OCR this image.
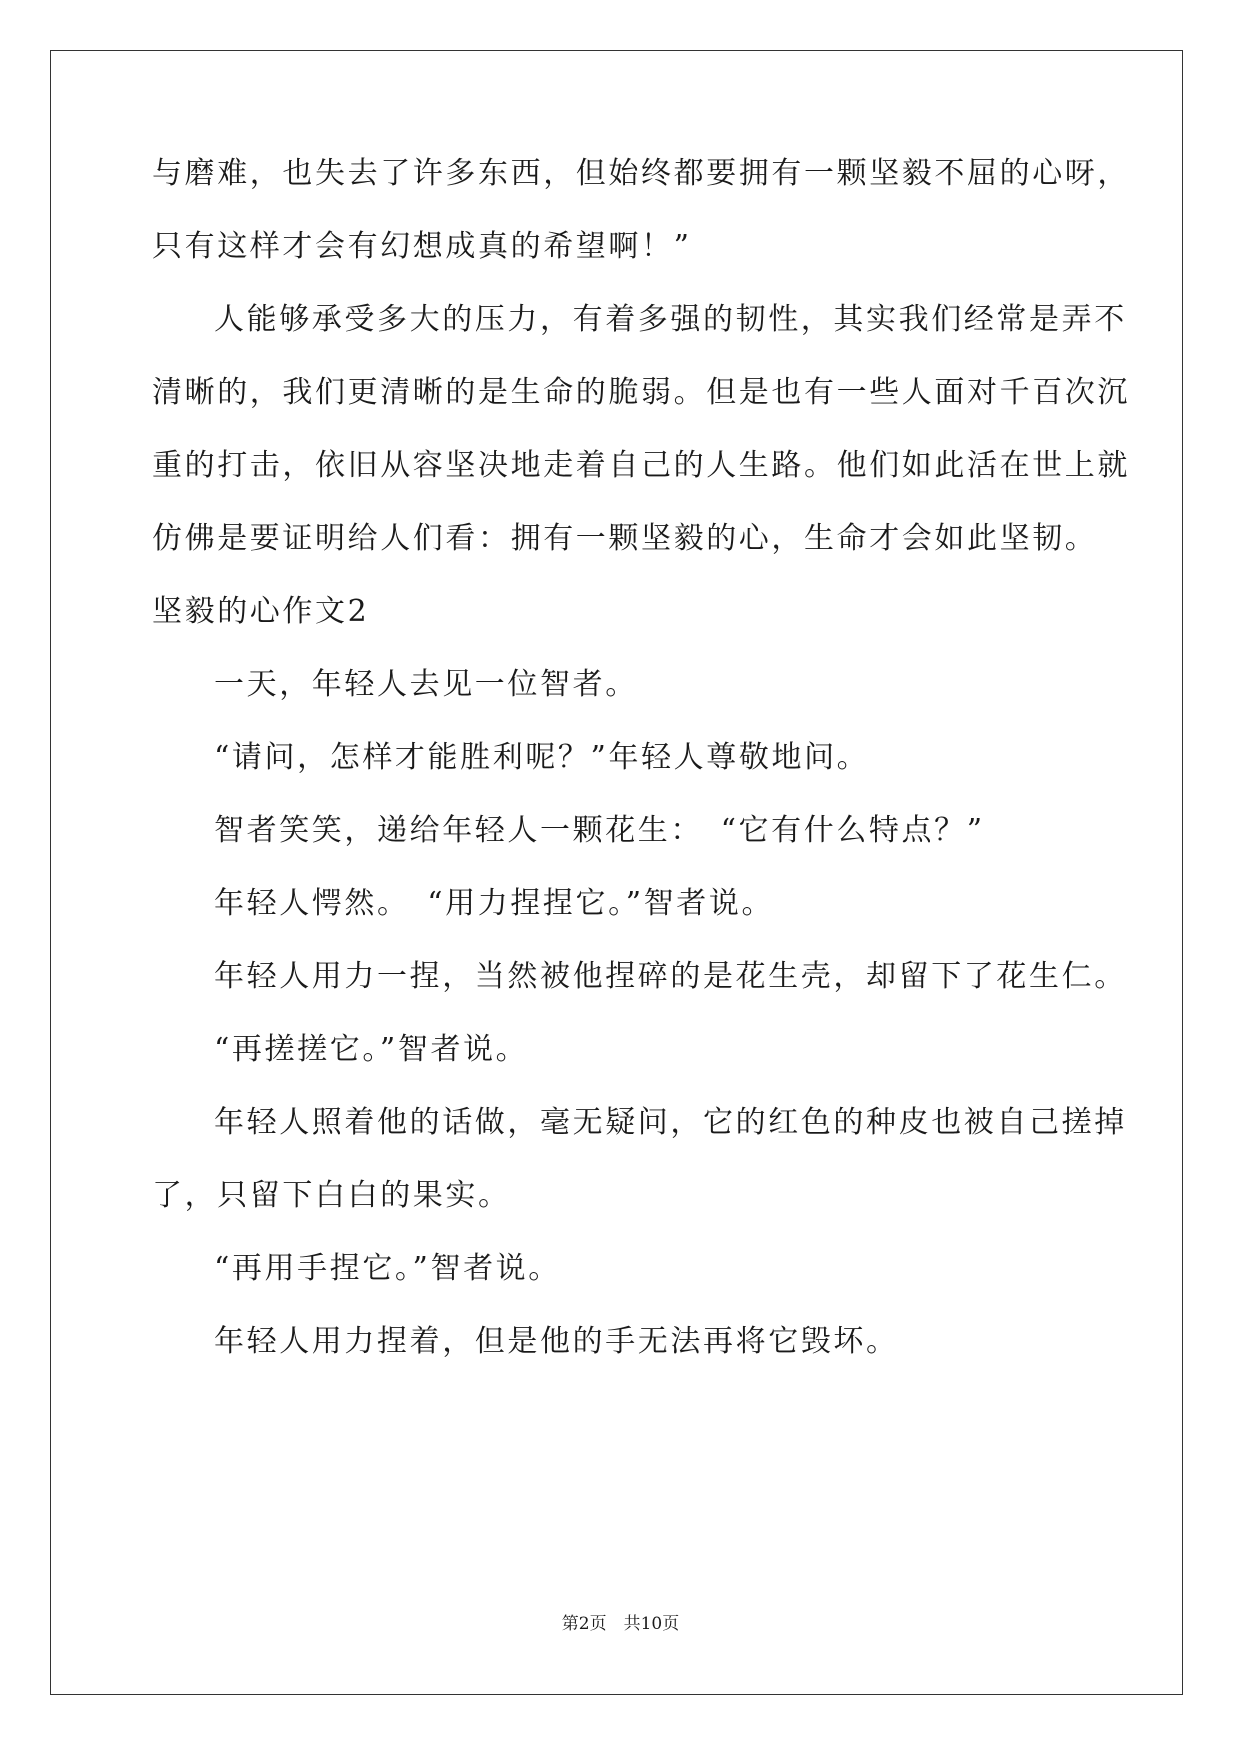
与磨难，也失去了许多东西，但始终都要拥有一颗坚毅不屈的心呀，

只有这样才会有幻想成真的希望啊！”

人能够承受多大的压力，有着多强的韧性，其实我们经常是弄不

清晰的，我们更清晰的是生命的脆弱。但是也有一些人面对千百次沉

重的打击，依旧从容坚决地走着自己的人生路。他们如此活在世上就

仿佛是要证明给人们看：拥有一颗坚毅的心，生命才会如此坚韧。

坚毅的心作文2

一天，年轻人去见一位智者。

“请问，怎样才能胜利呢？”年轻人尊敬地问。

智者笑笑，递给年轻人一颗花生：　“它有什么特点？”

年轻人愕然。　“用力捏捏它。”智者说。

年轻人用力一捏，当然被他捏碎的是花生壳，却留下了花生仁。

“再搓搓它。”智者说。

年轻人照着他的话做，毫无疑问，它的红色的种皮也被自己搓掉

了，只留下白白的果实。

“再用手捏它。”智者说。

年轻人用力捏着，但是他的手无法再将它毁坏。

第2页　共10页
